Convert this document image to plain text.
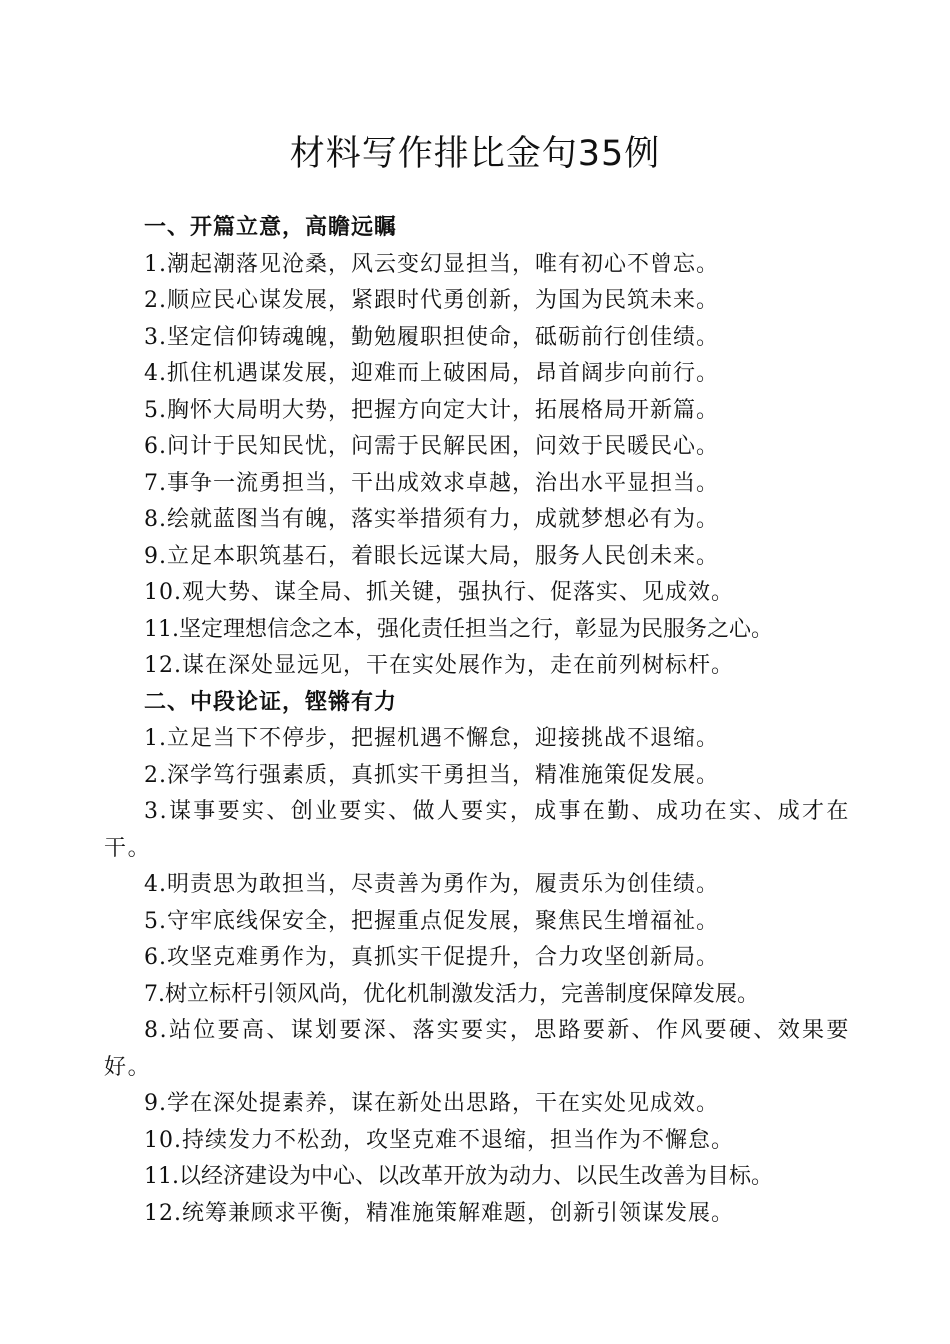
材料写作排比金句35例
一、开篇立意，高瞻远瞩
1.潮起潮落见沧桑，风云变幻显担当，唯有初心不曾忘。
2.顺应民心谋发展，紧跟时代勇创新，为国为民筑未来。
3.坚定信仰铸魂魄，勤勉履职担使命，砥砺前行创佳绩。
4.抓住机遇谋发展，迎难而上破困局，昂首阔步向前行。
5.胸怀大局明大势，把握方向定大计，拓展格局开新篇。
6.问计于民知民忧，问需于民解民困，问效于民暖民心。
7.事争一流勇担当，干出成效求卓越，治出水平显担当。
8.绘就蓝图当有魄，落实举措须有力，成就梦想必有为。
9.立足本职筑基石，着眼长远谋大局，服务人民创未来。
10.观大势、谋全局、抓关键，强执行、促落实、见成效。
11.坚定理想信念之本，强化责任担当之行，彰显为民服务之心。
12.谋在深处显远见，干在实处展作为，走在前列树标杆。
二、中段论证，铿锵有力
1.立足当下不停步，把握机遇不懈怠，迎接挑战不退缩。
2.深学笃行强素质，真抓实干勇担当，精准施策促发展。
3.谋事要实、创业要实、做人要实，成事在勤、成功在实、成才在干。
4.明责思为敢担当，尽责善为勇作为，履责乐为创佳绩。
5.守牢底线保安全，把握重点促发展，聚焦民生增福祉。
6.攻坚克难勇作为，真抓实干促提升，合力攻坚创新局。
7.树立标杆引领风尚，优化机制激发活力，完善制度保障发展。
8.站位要高、谋划要深、落实要实，思路要新、作风要硬、效果要好。
9.学在深处提素养，谋在新处出思路，干在实处见成效。
10.持续发力不松劲，攻坚克难不退缩，担当作为不懈怠。
11.以经济建设为中心、以改革开放为动力、以民生改善为目标。
12.统筹兼顾求平衡，精准施策解难题，创新引领谋发展。
